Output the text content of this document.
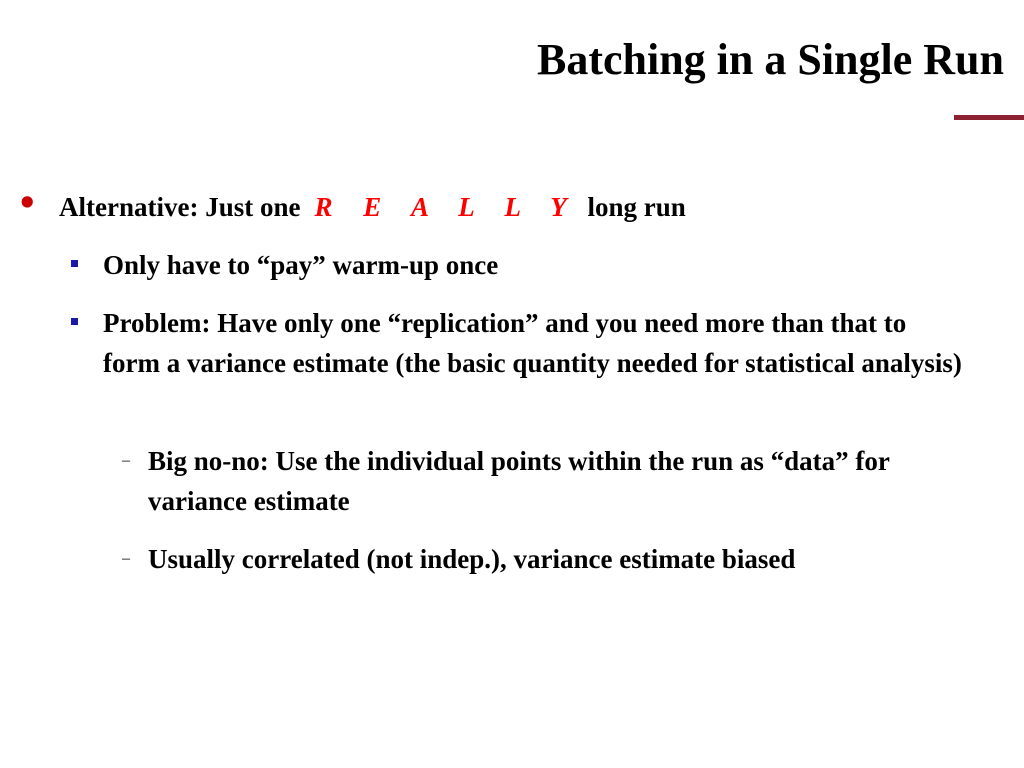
Batching in a Single Run
• Alternative: Just one R E A L L Y long run
Only have to “pay” warm-up once
Problem: Have only one “replication” and you need more than that to form a variance estimate (the basic quantity needed for statistical analysis)
– Big no-no: Use the individual points within the run as “data” for variance estimate
– Usually correlated (not indep.), variance estimate biased
